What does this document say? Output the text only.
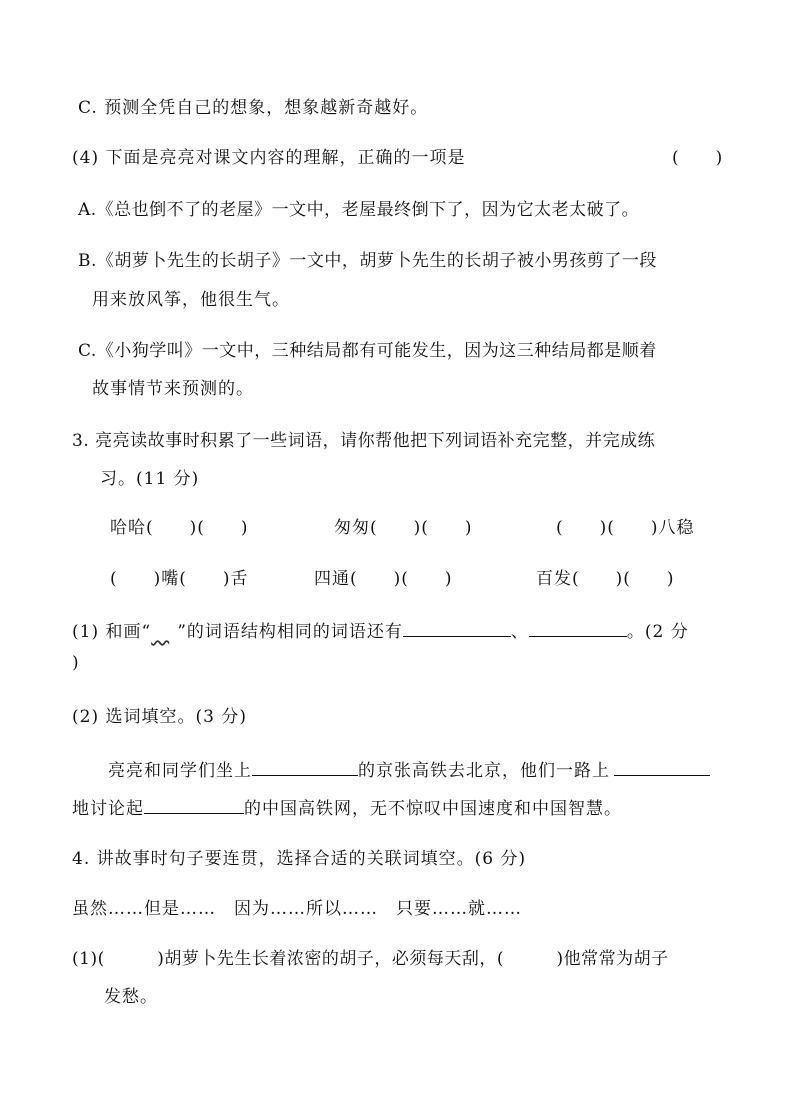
C. 预测全凭自己的想象，想象越新奇越好。
(4) 下面是亮亮对课文内容的理解，正确的一项是	(　　)
A.《总也倒不了的老屋》一文中，老屋最终倒下了，因为它太老太破了。
B.《胡萝卜先生的长胡子》一文中，胡萝卜先生的长胡子被小男孩剪了一段
用来放风筝，他很生气。
C.《小狗学叫》一文中，三种结局都有可能发生，因为这三种结局都是顺着
故事情节来预测的。
3. 亮亮读故事时积累了一些词语，请你帮他把下列词语补充完整，并完成练
习。(11 分)
哈哈(　　)(　　)	匆匆(　　)(　　)	(　　)(　　)八稳
(　　)嘴(　　)舌	四通(　　)(　　)	百发(　　)(　　)
(1) 和画“　 ”的词语结构相同的词语还有	、	。(2 分
)
(2) 选词填空。(3 分)
亮亮和同学们坐上	的京张高铁去北京，他们一路上
地讨论起	的中国高铁网，无不惊叹中国速度和中国智慧。
4. 讲故事时句子要连贯，选择合适的关联词填空。(6 分)
虽然……但是……　因为……所以……　只要……就……
(1)(　　　)胡萝卜先生长着浓密的胡子，必须每天刮，(　　　)他常常为胡子
发愁。
